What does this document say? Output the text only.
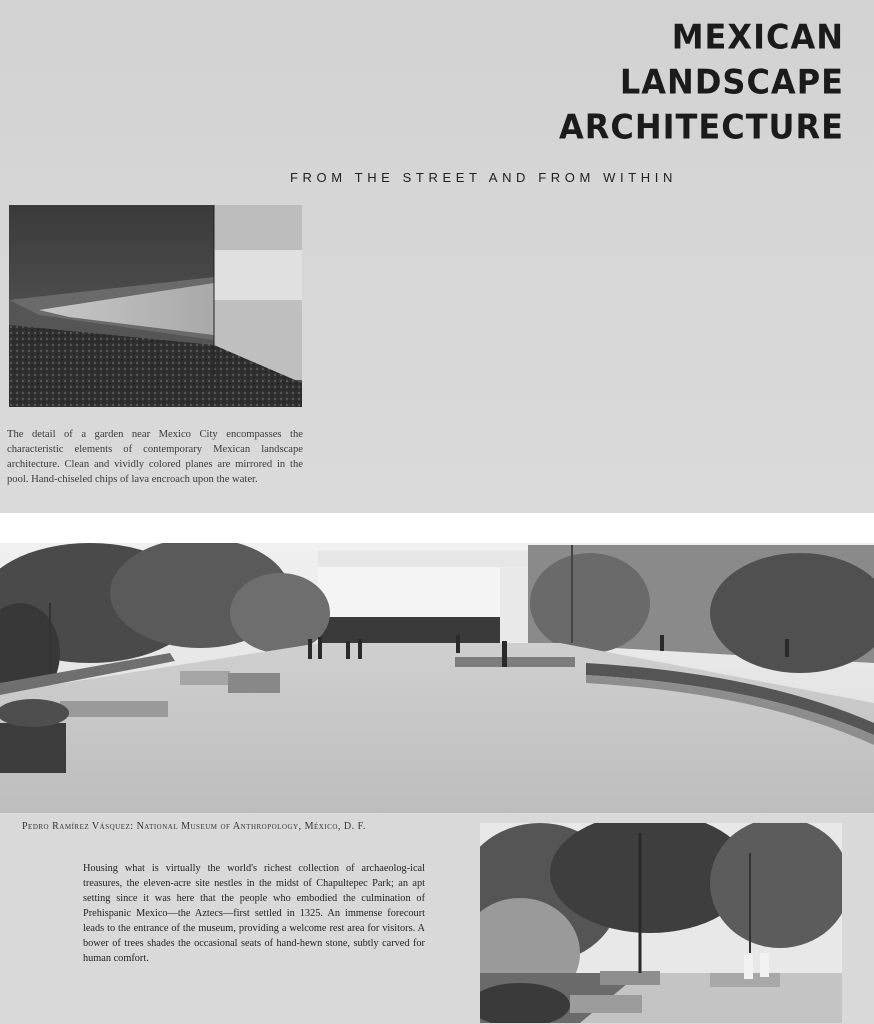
MEXICAN
LANDSCAPE
ARCHITECTURE
FROM THE STREET AND FROM WITHIN
The detail of a garden near Mexico City encompasses the characteristic elements of contemporary Mexican landscape architecture. Clean and vividly colored planes are mirrored in the pool. Hand-chiseled chips of lava encroach upon the water.
Pedro Ramírez Vásquez: National Museum of Anthropology, México, D. F.
Housing what is virtually the world's richest collection of archaeolog-ical treasures, the eleven-acre site nestles in the midst of Chapultepec Park; an apt setting since it was here that the people who embodied the culmination of Prehispanic Mexico—the Aztecs—first settled in 1325. An immense forecourt leads to the entrance of the museum, providing a welcome rest area for visitors. A bower of trees shades the occasional seats of hand-hewn stone, subtly carved for human comfort.
